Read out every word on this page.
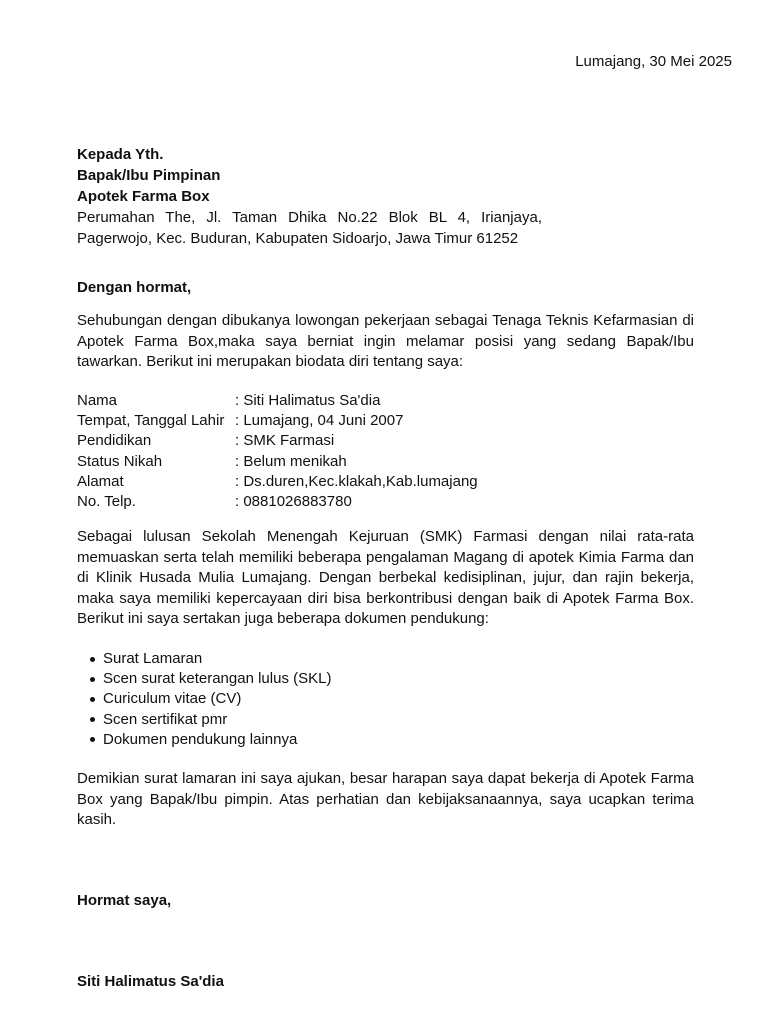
Lumajang, 30 Mei 2025
Kepada Yth.
Bapak/Ibu Pimpinan
Apotek Farma Box
Perumahan The, Jl. Taman Dhika No.22 Blok BL 4, Irianjaya,
Pagerwojo, Kec. Buduran, Kabupaten Sidoarjo, Jawa Timur 61252
Dengan hormat,
Sehubungan dengan dibukanya lowongan pekerjaan sebagai Tenaga Teknis Kefarmasian di Apotek Farma Box,maka saya berniat ingin melamar posisi yang sedang Bapak/Ibu tawarkan. Berikut ini merupakan biodata diri tentang saya:
Nama	: Siti Halimatus Sa'dia
Tempat, Tanggal Lahir : Lumajang, 04 Juni 2007
Pendidikan	: SMK Farmasi
Status Nikah	: Belum menikah
Alamat	: Ds.duren,Kec.klakah,Kab.lumajang
No. Telp.	: 0881026883780
Sebagai lulusan Sekolah Menengah Kejuruan (SMK) Farmasi dengan nilai rata-rata memuaskan serta telah memiliki beberapa pengalaman Magang di apotek Kimia Farma dan di Klinik Husada Mulia Lumajang. Dengan berbekal kedisiplinan, jujur, dan rajin bekerja, maka saya memiliki kepercayaan diri bisa berkontribusi dengan baik di Apotek Farma Box. Berikut ini saya sertakan juga beberapa dokumen pendukung:
Surat Lamaran
Scen surat keterangan lulus (SKL)
Curiculum vitae (CV)
Scen sertifikat pmr
Dokumen pendukung lainnya
Demikian surat lamaran ini saya ajukan, besar harapan saya dapat bekerja di Apotek Farma Box yang Bapak/Ibu pimpin. Atas perhatian dan kebijaksanaannya, saya ucapkan terima kasih.
Hormat saya,
Siti Halimatus Sa'dia
